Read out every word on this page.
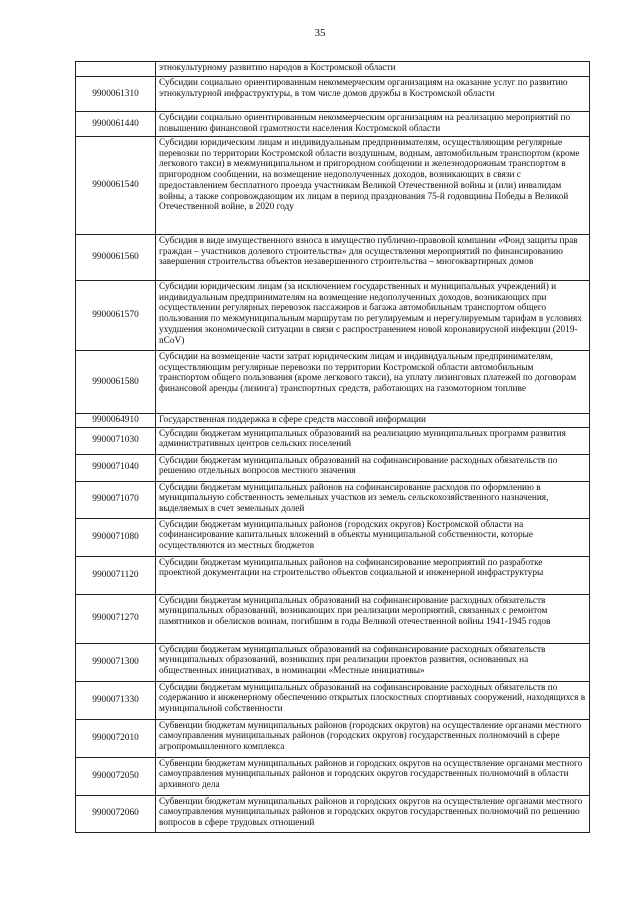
35
	этнокультурному развитию народов в Костромской области
9900061310	Субсидии социально ориентированным некоммерческим организациям на оказание услуг по развитию этнокультурной инфраструктуры, в том числе домов дружбы в Костромской области
9900061440	Субсидии социально ориентированным некоммерческим организациям на реализацию мероприятий по повышению финансовой грамотности населения Костромской области
9900061540	Субсидии юридическим лицам и индивидуальным предпринимателям, осуществляющим регулярные перевозки по территории Костромской области воздушным, водным, автомобильным транспортом (кроме легкового такси) в межмуниципальном и пригородном сообщении и железнодорожным транспортом в пригородном сообщении, на возмещение недополученных доходов, возникающих в связи с предоставлением бесплатного проезда участникам Великой Отечественной войны и (или) инвалидам войны, а также сопровождающим их лицам в период празднования 75-й годовщины Победы в Великой Отечественной войне, в 2020 году
9900061560	Субсидия в виде имущественного взноса в имущество публично-правовой компании «Фонд защиты прав граждан – участников долевого строительства» для осуществления мероприятий по финансированию завершения строительства объектов незавершенного строительства – многоквартирных домов
9900061570	Субсидии юридическим лицам (за исключением государственных и муниципальных учреждений) и индивидуальным предпринимателям на возмещение недополученных доходов, возникающих при осуществлении регулярных перевозок пассажиров и багажа автомобильным транспортом общего пользования по межмуниципальным маршрутам по регулируемым и нерегулируемым тарифам в условиях ухудшения экономической ситуации в связи с распространением новой коронавирусной инфекции (2019-nCoV)
9900061580	Субсидии на возмещение части затрат юридическим лицам и индивидуальным предпринимателям, осуществляющим регулярные перевозки по территории Костромской области автомобильным транспортом общего пользования (кроме легкового такси), на уплату лизинговых платежей по договорам финансовой аренды (лизинга) транспортных средств, работающих на газомоторном топливе
9900064910	Государственная поддержка в сфере средств массовой информации
9900071030	Субсидии бюджетам муниципальных образований на реализацию муниципальных программ развития административных центров сельских поселений
9900071040	Субсидии бюджетам муниципальных образований на софинансирование расходных обязательств по решению отдельных вопросов местного значения
9900071070	Субсидии бюджетам муниципальных районов на софинансирование расходов по оформлению в муниципальную собственность земельных участков из земель сельскохозяйственного назначения, выделяемых в счет земельных долей
9900071080	Субсидии бюджетам муниципальных районов (городских округов) Костромской области на софинансирование капитальных вложений в объекты муниципальной собственности, которые осуществляются из местных бюджетов
9900071120	Субсидии бюджетам муниципальных районов на софинансирование мероприятий по разработке проектной документации на строительство объектов социальной и инженерной инфраструктуры
9900071270	Субсидии бюджетам муниципальных образований на софинансирование расходных обязательств муниципальных образований, возникающих при реализации мероприятий, связанных с ремонтом памятников и обелисков воинам, погибшим в годы Великой отечественной войны 1941-1945 годов
9900071300	Субсидии бюджетам муниципальных образований на софинансирование расходных обязательств муниципальных образований, возникших при реализации проектов развития, основанных на общественных инициативах, в номинации «Местные инициативы»
9900071330	Субсидии бюджетам муниципальных образований на софинансирование расходных обязательств по содержанию и инженерному обеспечению открытых плоскостных спортивных сооружений, находящихся в муниципальной собственности
9900072010	Субвенции бюджетам муниципальных районов (городских округов) на осуществление органами местного самоуправления муниципальных районов (городских округов) государственных полномочий в сфере агропромышленного комплекса
9900072050	Субвенции бюджетам муниципальных районов и городских округов на осуществление органами местного самоуправления муниципальных районов и городских округов государственных полномочий в области архивного дела
9900072060	Субвенции бюджетам муниципальных районов и городских округов на осуществление органами местного самоуправления муниципальных районов и городских округов государственных полномочий по решению вопросов в сфере трудовых отношений
